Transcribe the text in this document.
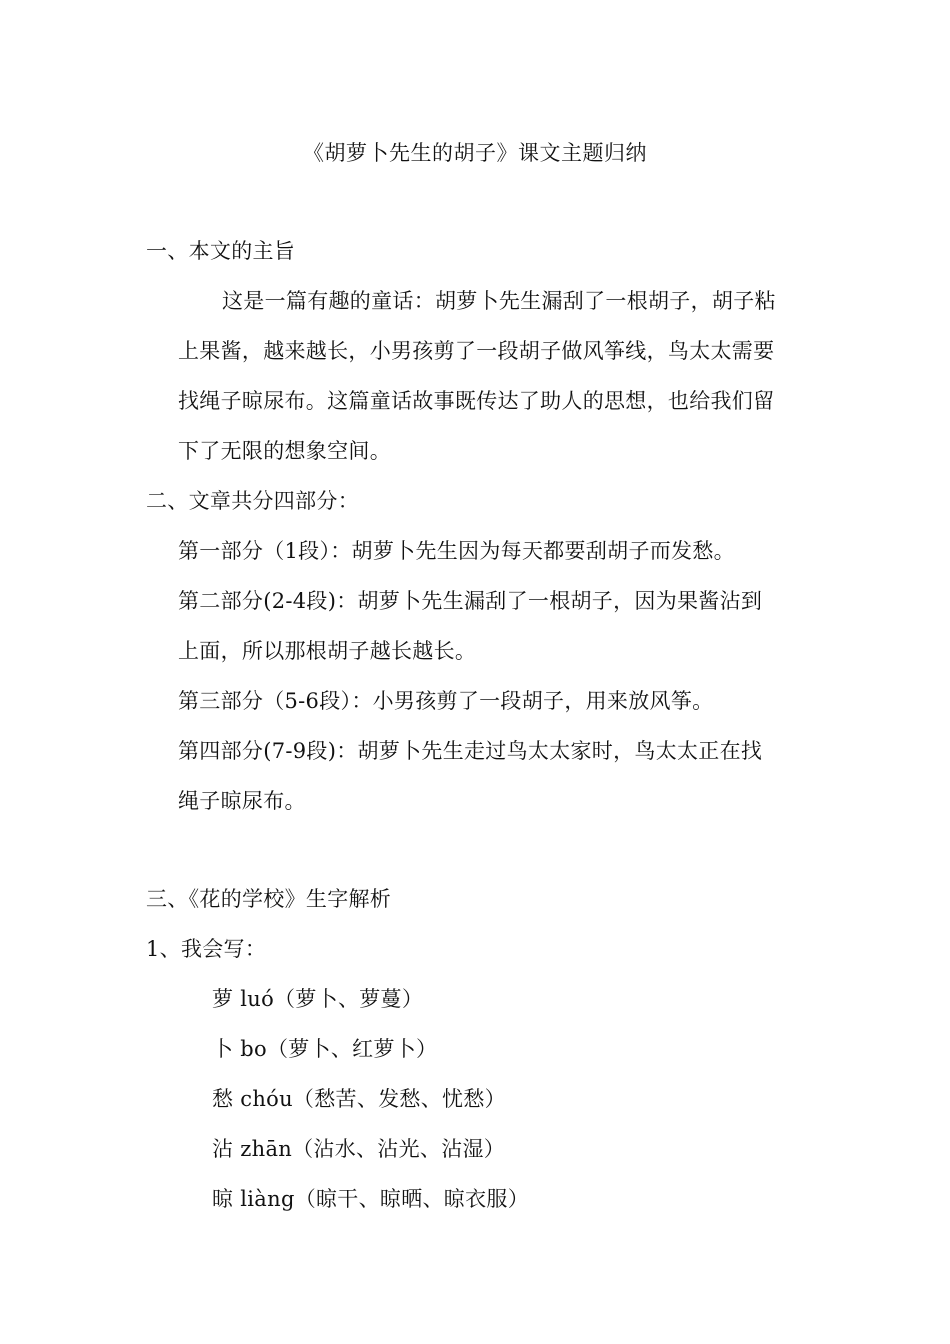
《胡萝卜先生的胡子》课文主题归纳
一、本文的主旨
这是一篇有趣的童话：胡萝卜先生漏刮了一根胡子，胡子粘
上果酱，越来越长，小男孩剪了一段胡子做风筝线，鸟太太需要
找绳子晾尿布。这篇童话故事既传达了助人的思想，也给我们留
下了无限的想象空间。
二、文章共分四部分：
第一部分（1段）：胡萝卜先生因为每天都要刮胡子而发愁。
第二部分(2-4段)：胡萝卜先生漏刮了一根胡子，因为果酱沾到
上面，所以那根胡子越长越长。
第三部分（5-6段）：小男孩剪了一段胡子，用来放风筝。
第四部分(7-9段)：胡萝卜先生走过鸟太太家时，鸟太太正在找
绳子晾尿布。
三、《花的学校》生字解析
1、我会写：
萝 luó（萝卜、萝蔓）
卜 bo（萝卜、红萝卜）
愁 chóu（愁苦、发愁、忧愁）
沾 zhān（沾水、沾光、沾湿）
晾 liàng（晾干、晾晒、晾衣服）
